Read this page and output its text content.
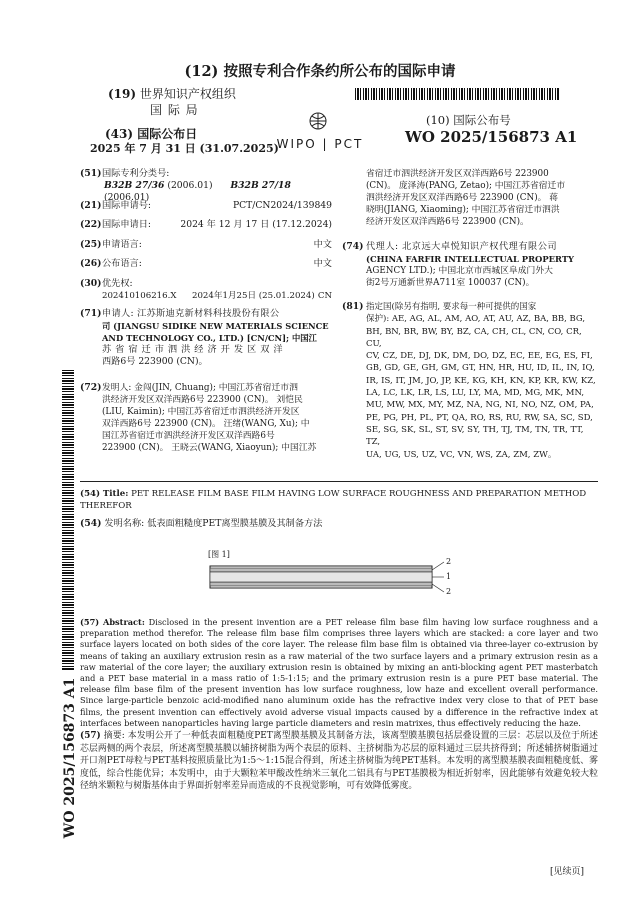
(12) 按照专利合作条约所公布的国际申请
(19) 世界知识产权组织
国 际 局
(43) 国际公布日
2025 年 7 月 31 日 (31.07.2025)
WIPO | PCT
(10) 国际公布号
WO 2025/156873 A1
WO 2025/156873 A1
(51)国际专利分类号:
B32B 27/36 (2006.01) B32B 27/18 (2006.01)
(21)国际申请号:	PCT/CN2024/139849
(22)国际申请日:	2024 年 12 月 17 日 (17.12.2024)
(25)申请语言:	中文
(26)公布语言:	中文
(30)优先权:
202410106216.X 2024年1月25日 (25.01.2024) CN
(71) 申请人: 江苏斯迪克新材料科技股份有限公
司 (JIANGSU SIDIKE NEW MATERIALS SCIENCE
AND TECHNOLOGY CO., LTD.) [CN/CN]; 中国江
苏省宿迁市泗洪经济开发区双洋
西路6号 223900 (CN)。
(72) 发明人: 金闯(JIN, Chuang); 中国江苏省宿迁市泗
洪经济开发区双洋西路6号 223900 (CN)。 刘恺民
(LIU, Kaimin); 中国江苏省宿迁市泗洪经济开发区
双洋西路6号 223900 (CN)。 汪绪(WANG, Xu); 中
国江苏省宿迁市泗洪经济开发区双洋西路6号
223900 (CN)。 王晓云(WANG, Xiaoyun); 中国江苏
省宿迁市泗洪经济开发区双洋西路6号 223900
(CN)。 庞泽涛(PANG, Zetao); 中国江苏省宿迁市
泗洪经济开发区双洋西路6号 223900 (CN)。 蒋
晓明(JIANG, Xiaoming); 中国江苏省宿迁市泗洪
经济开发区双洋西路6号 223900 (CN)。
(74) 代理人: 北京远大卓悦知识产权代理有限公司
(CHINA FARFIR INTELLECTUAL PROPERTY
AGENCY LTD.); 中国北京市西城区阜成门外大
街2号万通新世界A711室 100037 (CN)。
(81) 指定国(除另有指明, 要求每一种可提供的国家
保护): AE, AG, AL, AM, AO, AT, AU, AZ, BA, BB, BG,
BH, BN, BR, BW, BY, BZ, CA, CH, CL, CN, CO, CR, CU,
CV, CZ, DE, DJ, DK, DM, DO, DZ, EC, EE, EG, ES, FI,
GB, GD, GE, GH, GM, GT, HN, HR, HU, ID, IL, IN, IQ,
IR, IS, IT, JM, JO, JP, KE, KG, KH, KN, KP, KR, KW, KZ,
LA, LC, LK, LR, LS, LU, LY, MA, MD, MG, MK, MN,
MU, MW, MX, MY, MZ, NA, NG, NI, NO, NZ, OM, PA,
PE, PG, PH, PL, PT, QA, RO, RS, RU, RW, SA, SC, SD,
SE, SG, SK, SL, ST, SV, SY, TH, TJ, TM, TN, TR, TT, TZ,
UA, UG, US, UZ, VC, VN, WS, ZA, ZM, ZW。
(54) Title: PET RELEASE FILM BASE FILM HAVING LOW SURFACE ROUGHNESS AND PREPARATION METHOD
THEREFOR
(54) 发明名称: 低表面粗糙度PET离型膜基膜及其制备方法
[图 1]
2
1
2
(57) Abstract: Disclosed in the present invention are a PET release film base film having low surface roughness and a preparation method therefor. The release film base film comprises three layers which are stacked: a core layer and two surface layers located on both sides of the core layer. The release film base film is obtained via three-layer co-extrusion by means of taking an auxiliary extrusion resin as a raw material of the two surface layers and a primary extrusion resin as a raw material of the core layer; the auxiliary extrusion resin is obtained by mixing an anti-blocking agent PET masterbatch and a PET base material in a mass ratio of 1:5-1:15; and the primary extrusion resin is a pure PET base material. The release film base film of the present invention has low surface roughness, low haze and excellent overall performance. Since large-particle benzoic acid-modified nano aluminum oxide has the refractive index very close to that of PET base films, the present invention can effectively avoid adverse visual impacts caused by a difference in the refractive index at interfaces between nanoparticles having large particle diameters and resin matrixes, thus effectively reducing the haze.
(57) 摘要: 本发明公开了一种低表面粗糙度PET离型膜基膜及其制备方法，该离型膜基膜包括层叠设置的三层：芯层以及位于所述芯层两侧的两个表层，所述离型膜基膜以辅挤树脂为两个表层的原料、主挤树脂为芯层的原料通过三层共挤得到；所述辅挤树脂通过开口剂PET母粒与PET基料按照质量比为1:5～1:15混合得到，所述主挤树脂为纯PET基料。本发明的离型膜基膜表面粗糙度低、雾度低，综合性能优异；本发明中，由于大颗粒苯甲酸改性纳米三氧化二铝具有与PET基膜极为相近折射率，因此能够有效避免较大粒径纳米颗粒与树脂基体由于界面折射率差异而造成的不良视觉影响，可有效降低雾度。
[见续页]
